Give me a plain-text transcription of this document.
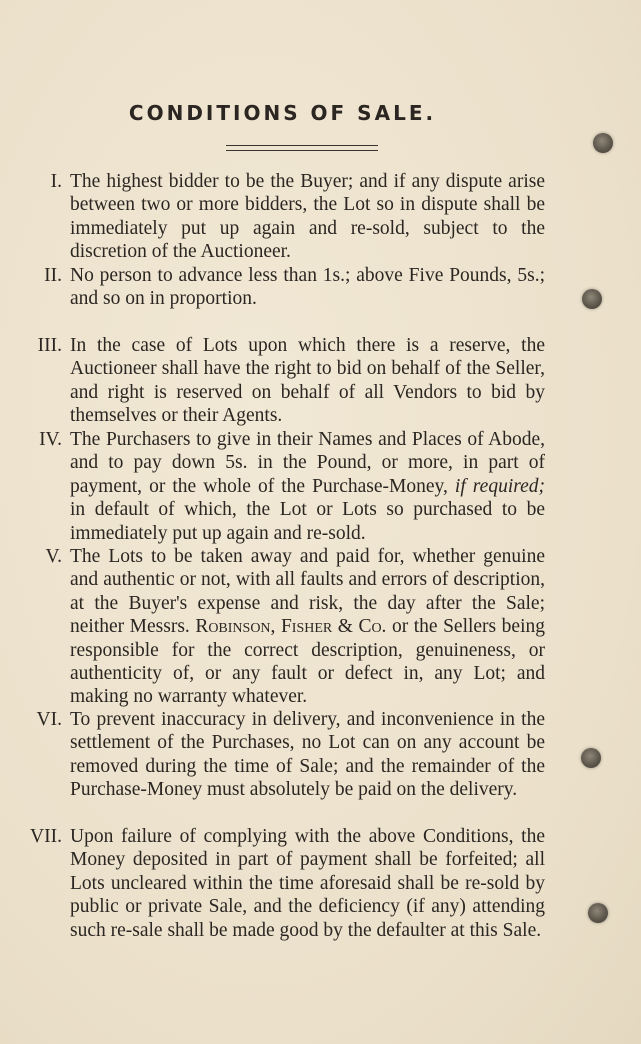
CONDITIONS OF SALE.
I. The highest bidder to be the Buyer; and if any dispute arise between two or more bidders, the Lot so in dispute shall be immediately put up again and re-sold, subject to the discretion of the Auctioneer.
II. No person to advance less than 1s.; above Five Pounds, 5s.; and so on in proportion.
III. In the case of Lots upon which there is a reserve, the Auctioneer shall have the right to bid on behalf of the Seller, and right is reserved on behalf of all Vendors to bid by themselves or their Agents.
IV. The Purchasers to give in their Names and Places of Abode, and to pay down 5s. in the Pound, or more, in part of payment, or the whole of the Purchase-Money, if required; in default of which, the Lot or Lots so purchased to be immediately put up again and re-sold.
V. The Lots to be taken away and paid for, whether genuine and authentic or not, with all faults and errors of description, at the Buyer's expense and risk, the day after the Sale; neither Messrs. Robinson, Fisher & Co. or the Sellers being responsible for the correct description, genuineness, or authenticity of, or any fault or defect in, any Lot; and making no warranty whatever.
VI. To prevent inaccuracy in delivery, and inconvenience in the settlement of the Purchases, no Lot can on any account be removed during the time of Sale; and the remainder of the Purchase-Money must absolutely be paid on the delivery.
VII. Upon failure of complying with the above Conditions, the Money deposited in part of payment shall be forfeited; all Lots uncleared within the time aforesaid shall be re-sold by public or private Sale, and the deficiency (if any) attending such re-sale shall be made good by the defaulter at this Sale.
